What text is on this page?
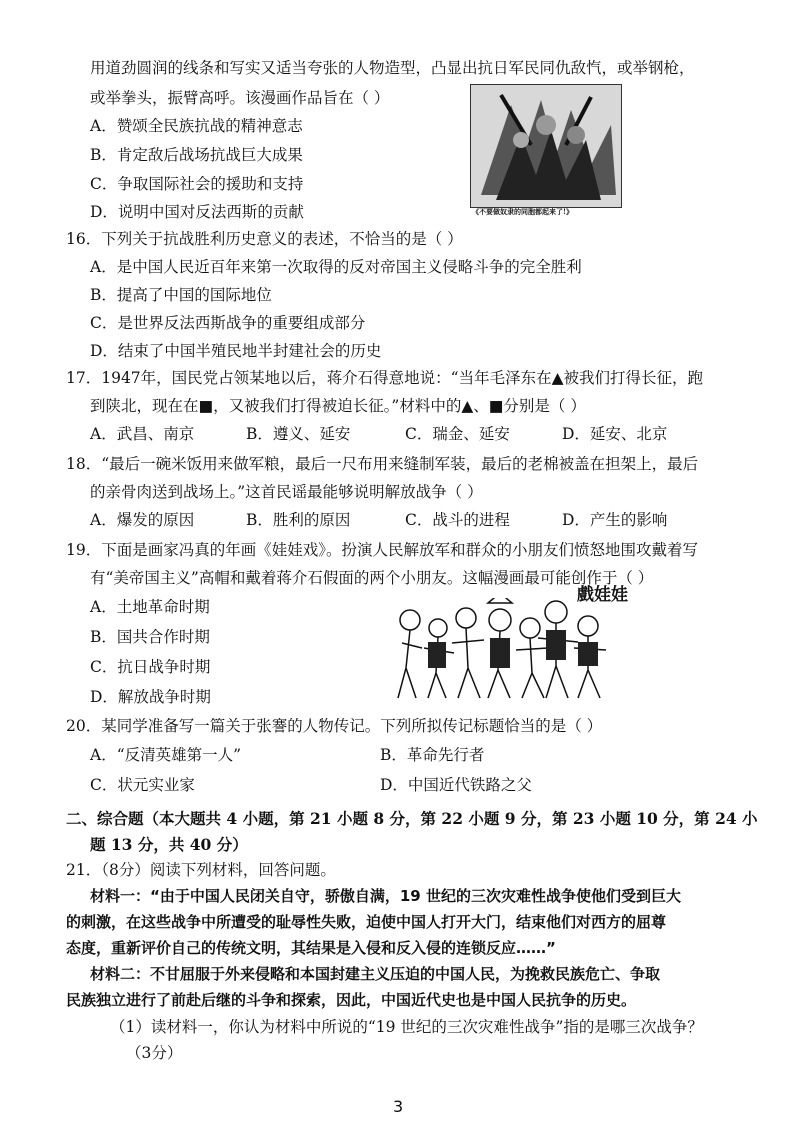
用道劲圆润的线条和写实又适当夸张的人物造型，凸显出抗日军民同仇敌忾，或举钢枪，
或举拳头，振臂高呼。该漫画作品旨在（ ）
A．赞颂全民族抗战的精神意志
B．肯定敌后战场抗战巨大成果
C．争取国际社会的援助和支持
D．说明中国对反法西斯的贡献	《不要做奴隶的同胞都起来了!》
16．下列关于抗战胜利历史意义的表述，不恰当的是（ ）
A．是中国人民近百年来第一次取得的反对帝国主义侵略斗争的完全胜利
B．提高了中国的国际地位
C．是世界反法西斯战争的重要组成部分
D．结束了中国半殖民地半封建社会的历史
17．1947年，国民党占领某地以后，蒋介石得意地说：“当年毛泽东在▲被我们打得长征，跑
到陕北，现在在■，又被我们打得被迫长征。”材料中的▲、■分别是（ ）
A．武昌、南京	B．遵义、延安	C．瑞金、延安	D．延安、北京
18．“最后一碗米饭用来做军粮，最后一尺布用来缝制军装，最后的老棉被盖在担架上，最后
的亲骨肉送到战场上。”这首民谣最能够说明解放战争（ ）
A．爆发的原因	B．胜利的原因	C．战斗的进程	D．产生的影响
19．下面是画家冯真的年画《娃娃戏》。扮演人民解放军和群众的小朋友们愤怒地围攻戴着写
有“美帝国主义”高帽和戴着蒋介石假面的两个小朋友。这幅漫画最可能创作于（ ）
A．土地革命时期
B．国共合作时期
C．抗日战争时期
D．解放战争时期
戲娃娃
20．某同学准备写一篇关于张謇的人物传记。下列所拟传记标题恰当的是（ ）
A．“反清英雄第一人”	B．革命先行者
C．状元实业家	D．中国近代铁路之父
二、综合题（本大题共 4 小题，第 21 小题 8 分，第 22 小题 9 分，第 23 小题 10 分，第 24 小
题 13 分，共 40 分）
21．（8分）阅读下列材料，回答问题。
材料一：“由于中国人民闭关自守，骄傲自满，19 世纪的三次灾难性战争使他们受到巨大
的刺激，在这些战争中所遭受的耻辱性失败，迫使中国人打开大门，结束他们对西方的屈尊
态度，重新评价自己的传统文明，其结果是入侵和反入侵的连锁反应……”
材料二：不甘屈服于外来侵略和本国封建主义压迫的中国人民，为挽救民族危亡、争取
民族独立进行了前赴后继的斗争和探索，因此，中国近代史也是中国人民抗争的历史。
（1）读材料一，你认为材料中所说的“19 世纪的三次灾难性战争”指的是哪三次战争？
（3分）
3
